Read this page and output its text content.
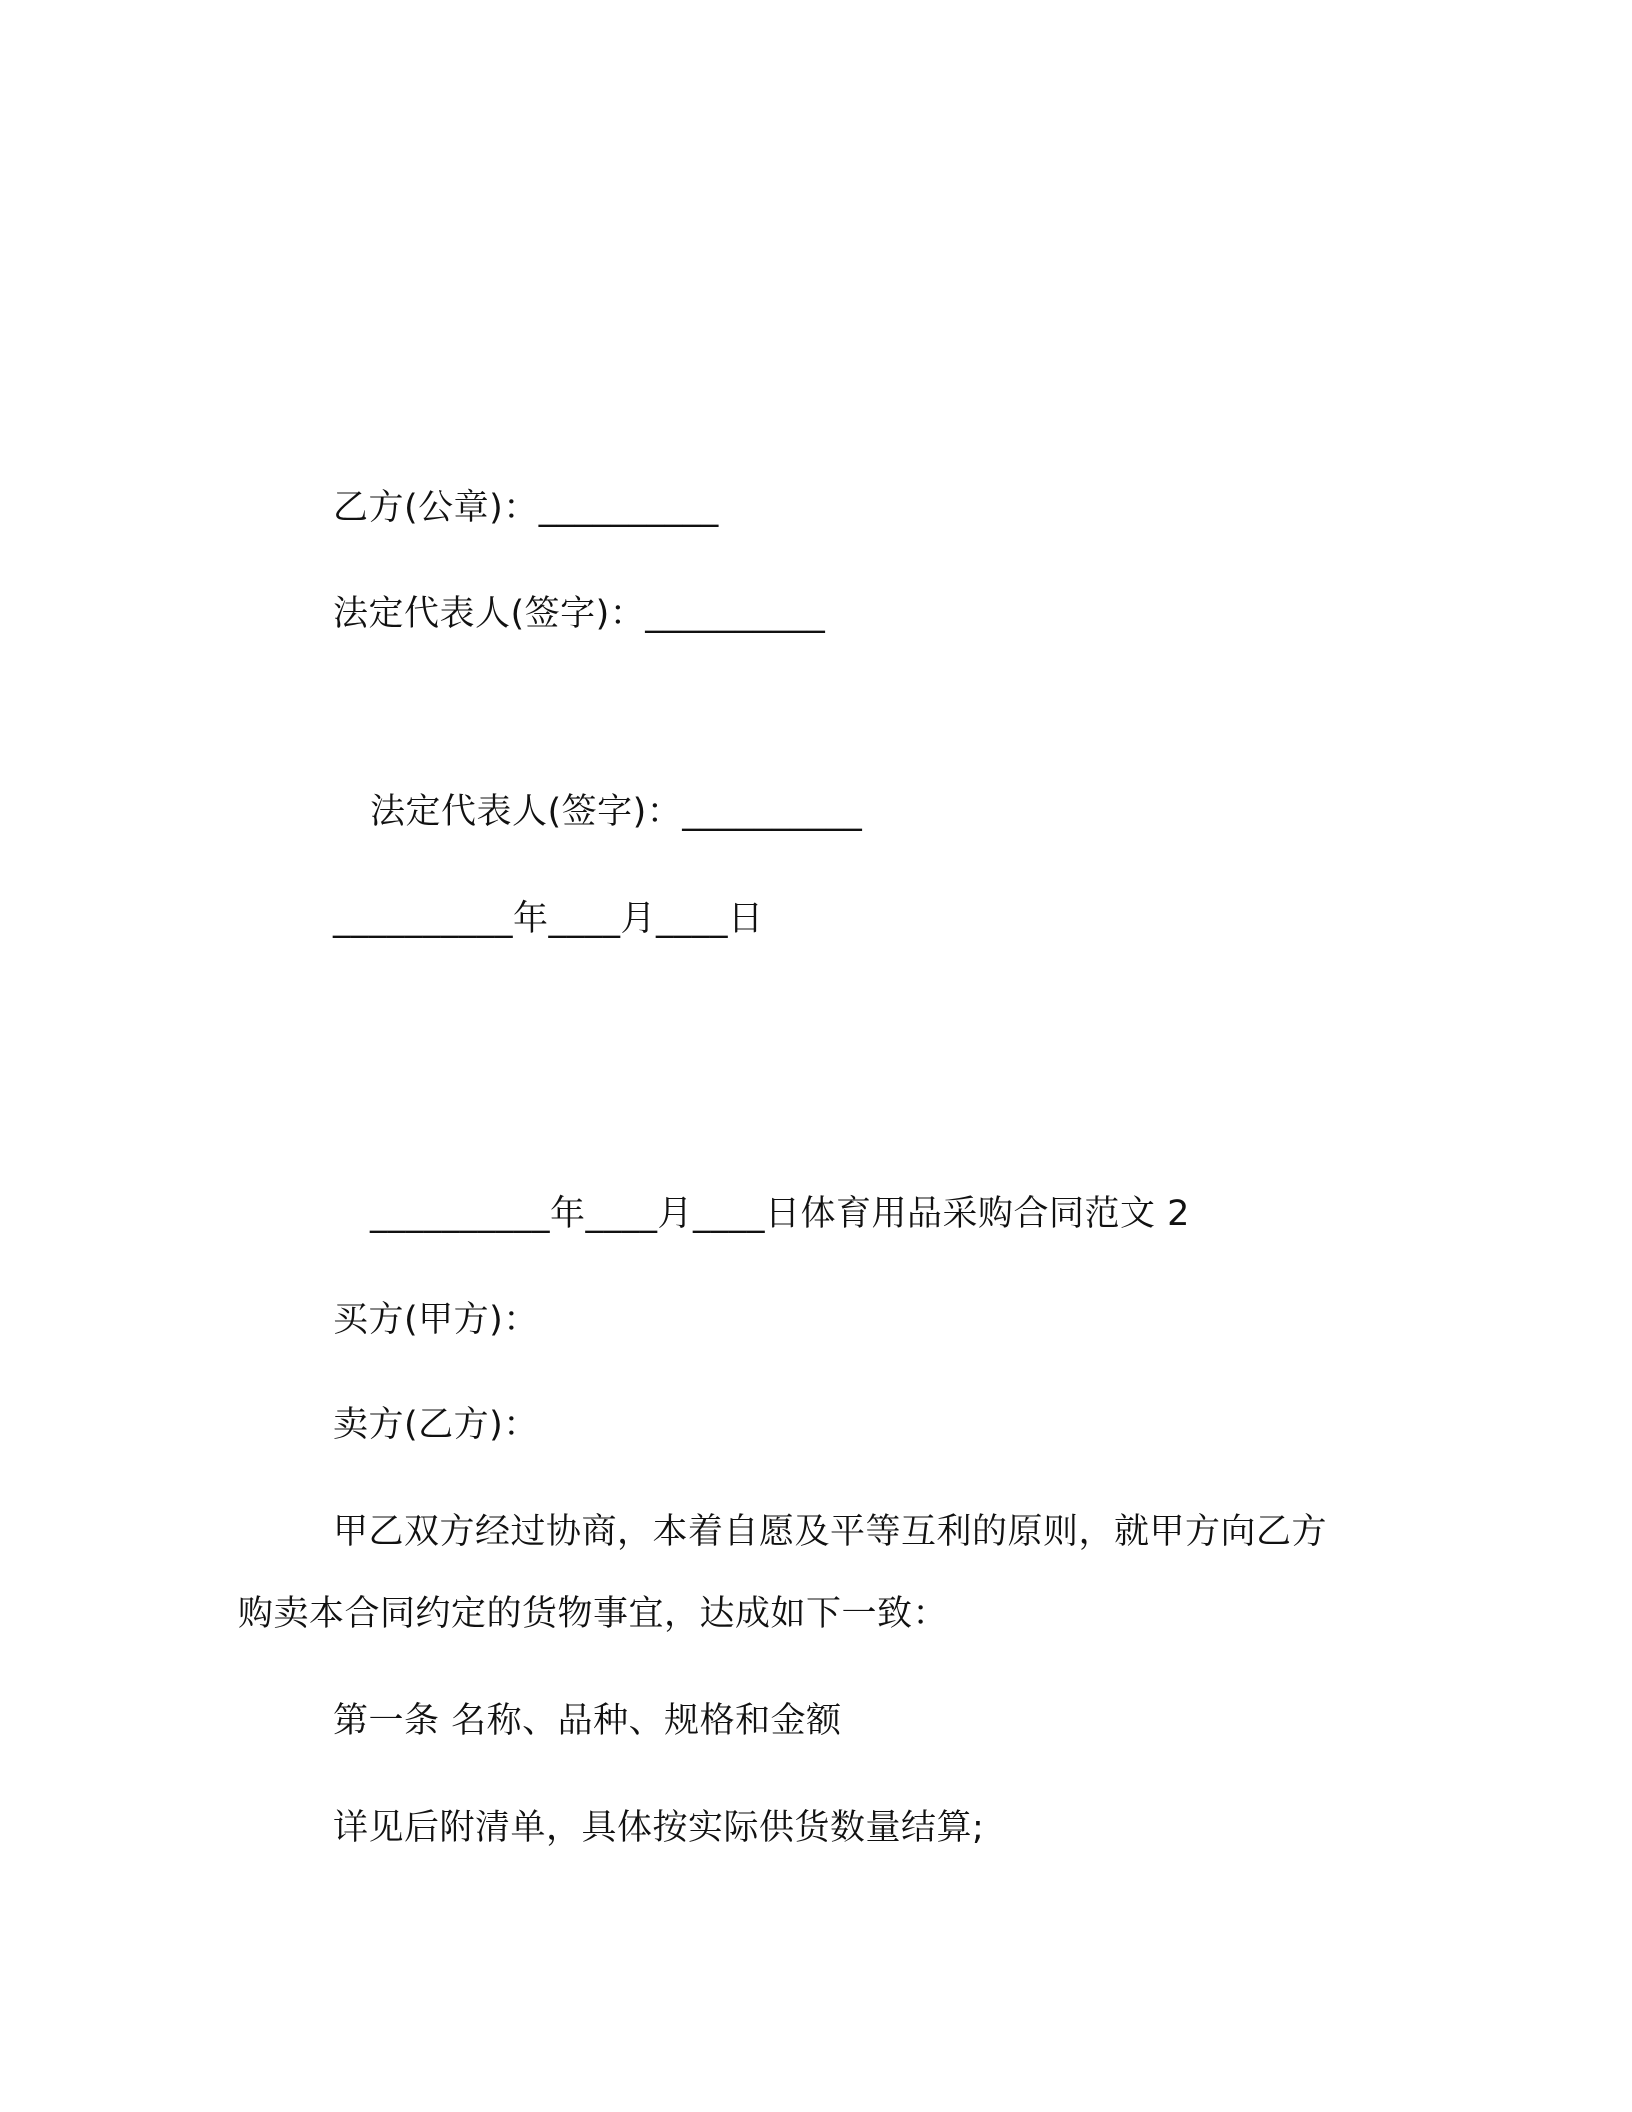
乙方(公章)：__________
法定代表人(签字)：__________
法定代表人(签字)：__________
__________年____月____日
__________年____月____日体育用品采购合同范文 2
买方(甲方)：
卖方(乙方)：
甲乙双方经过协商，本着自愿及平等互利的原则，就甲方向乙方
购卖本合同约定的货物事宜，达成如下一致：
第一条 名称、品种、规格和金额
详见后附清单，具体按实际供货数量结算;
